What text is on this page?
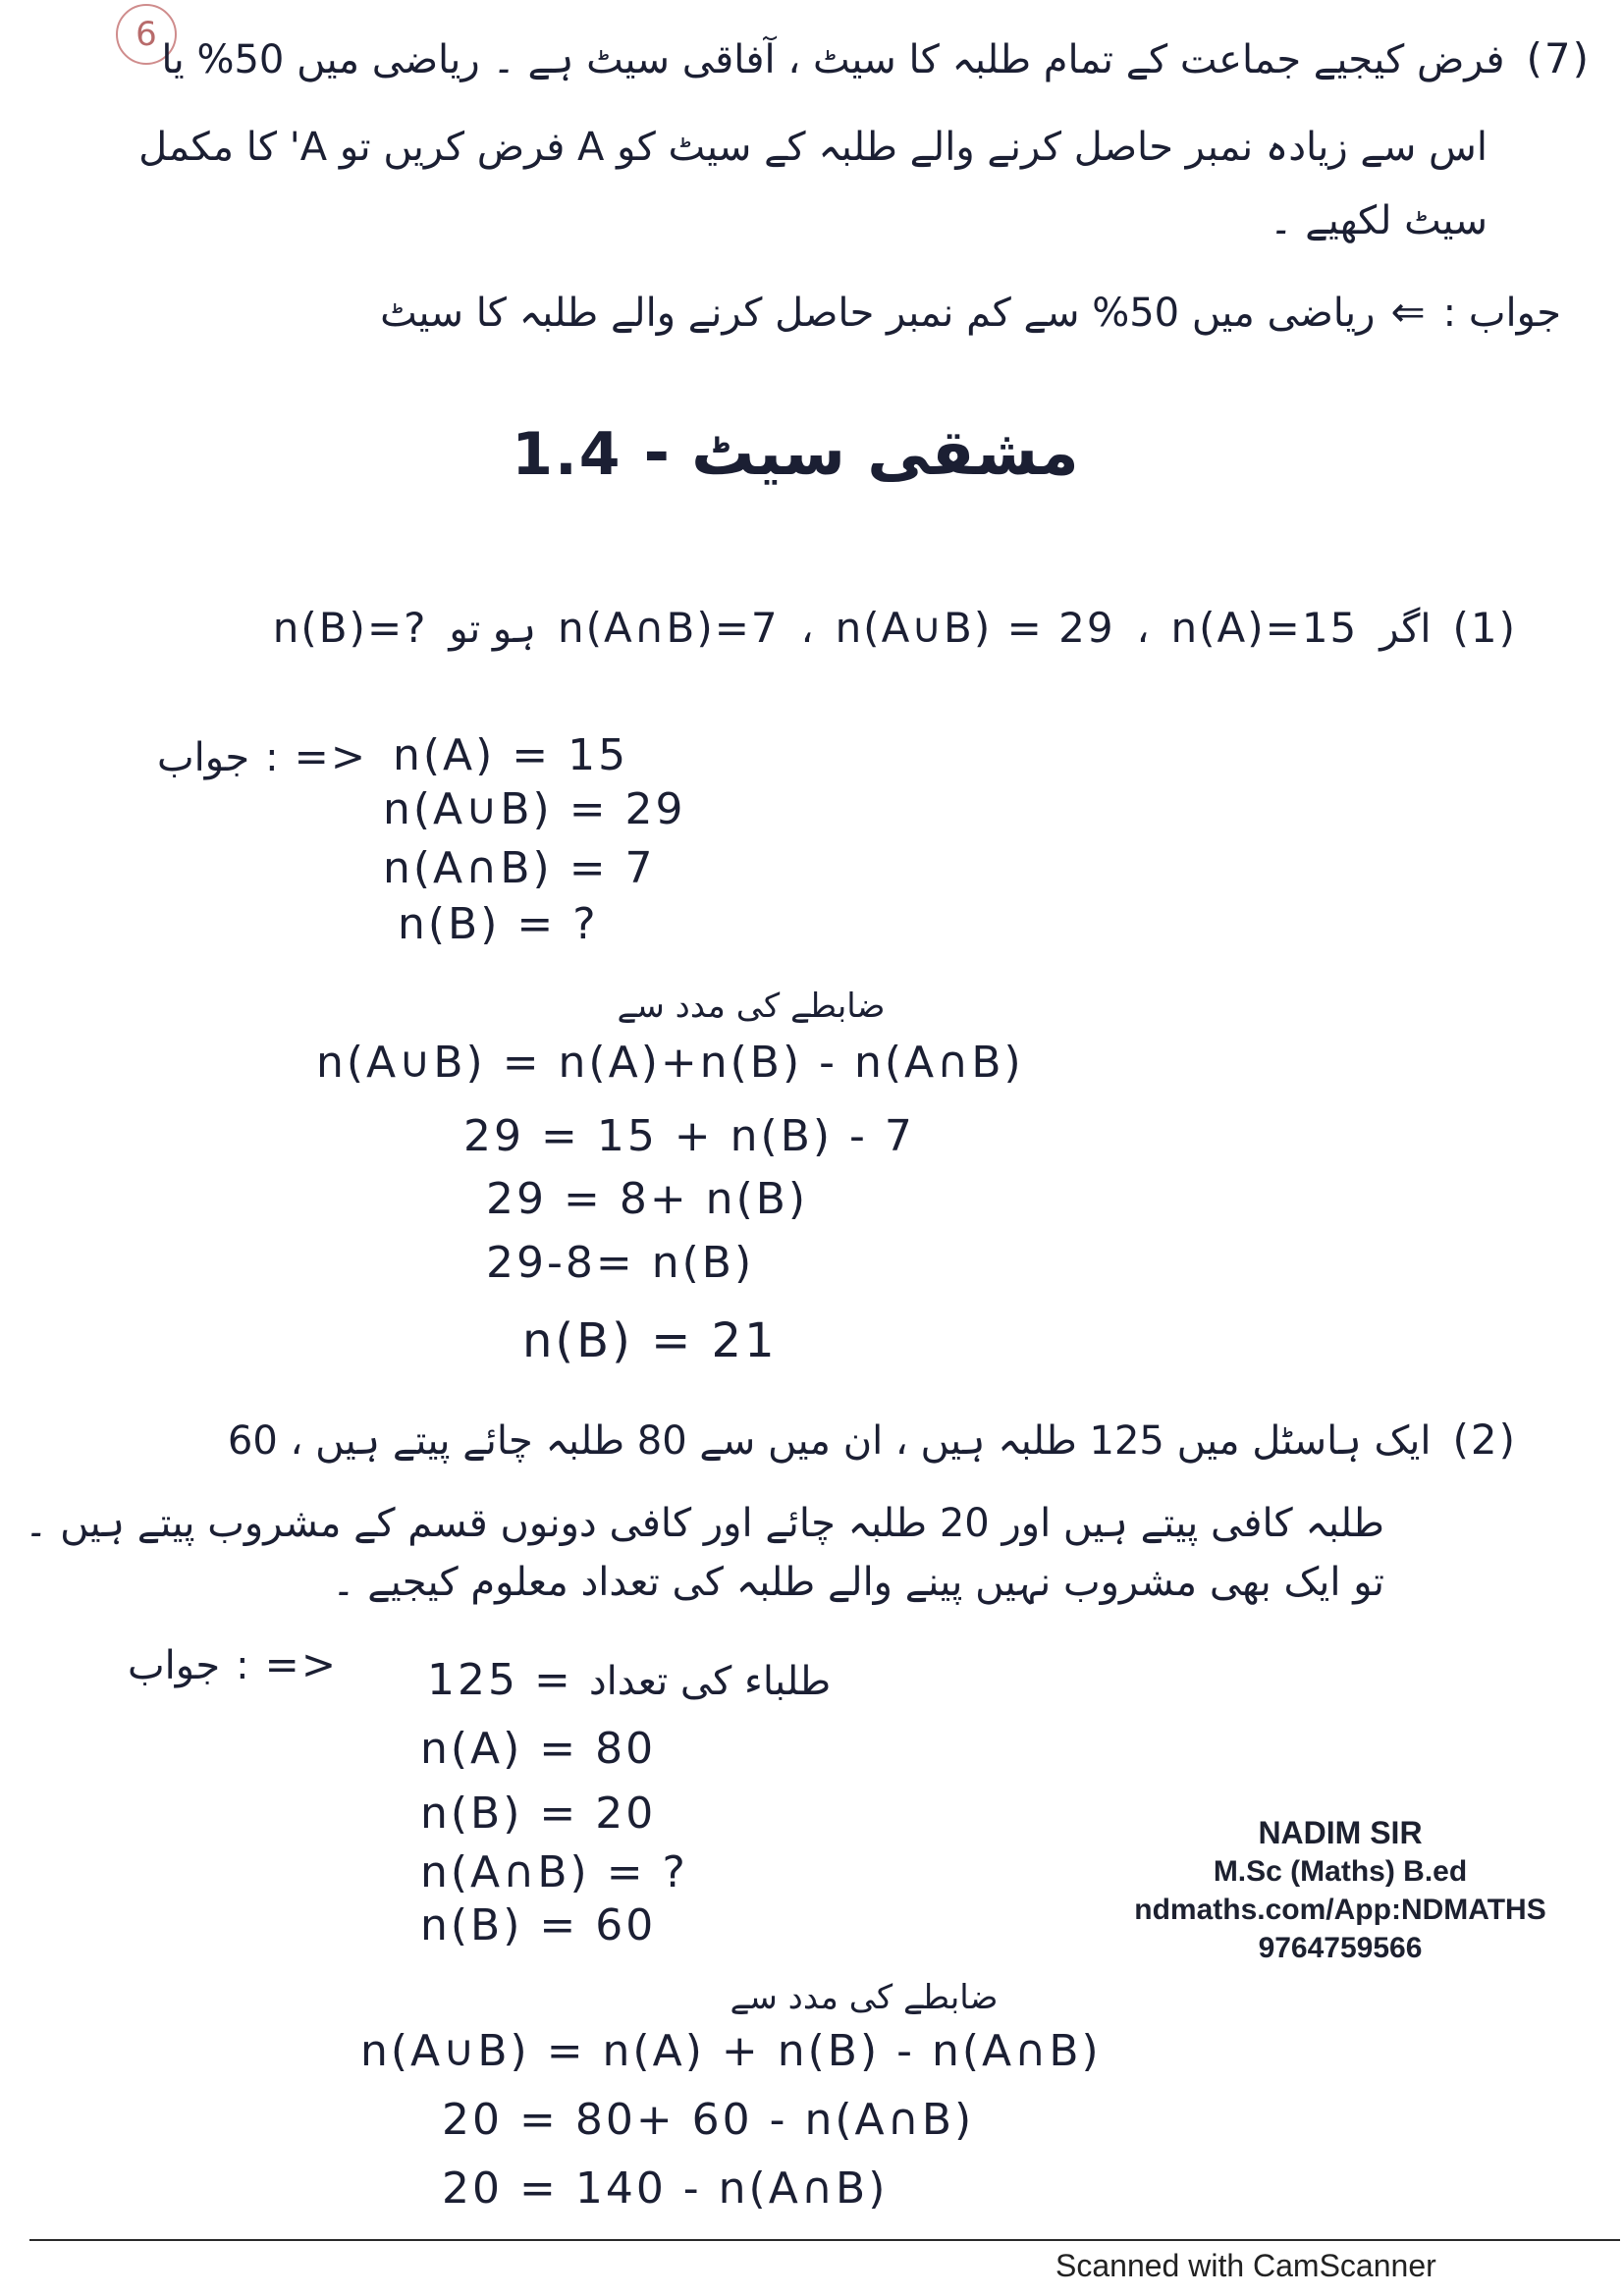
6	(7)
فرض کیجیے جماعت کے تمام طلبہ کا سیٹ ، آفاقی سیٹ ہے ۔ ریاضی میں 50% یا
اس سے زیادہ نمبر حاصل کرنے والے طلبہ کے سیٹ کو A فرض کریں تو A' کا مکمل
سیٹ لکھیے ۔
جواب :
⇐
ریاضی میں 50% سے کم نمبر حاصل کرنے والے طلبہ کا سیٹ
مشقی سیٹ
-
1.4
(1)
اگر
n(A)=15
،
n(A∪B) = 29
،
n(A∩B)=7
ہو تو
n(B)=?
جواب : => n(A) = 15
n(A∪B) = 29
n(A∩B) = 7
n(B) = ?
ضابطے کی مدد سے
n(A∪B) = n(A)+n(B) - n(A∩B)
29 = 15 + n(B) - 7
29 = 8+ n(B)
29-8= n(B)
n(B) = 21
(2)
ایک ہاسٹل میں 125 طلبہ ہیں ، ان میں سے 80 طلبہ چائے پیتے ہیں ، 60
طلبہ کافی پیتے ہیں اور 20 طلبہ چائے اور کافی دونوں قسم کے مشروب پیتے ہیں ۔
تو ایک بھی مشروب نہیں پینے والے طلبہ کی تعداد معلوم کیجیے ۔
جواب : => 125 = طلباء کی تعداد
n(A) = 80
n(B) = 20
n(A∩B) = ?
n(B) = 60
ضابطے کی مدد سے
n(A∪B) = n(A) + n(B) - n(A∩B)
20 = 80+ 60 - n(A∩B)
20 = 140 - n(A∩B)
NADIM SIR
M.Sc (Maths) B.ed
ndmaths.com/App:NDMATHS
9764759566
Scanned with CamScanner
